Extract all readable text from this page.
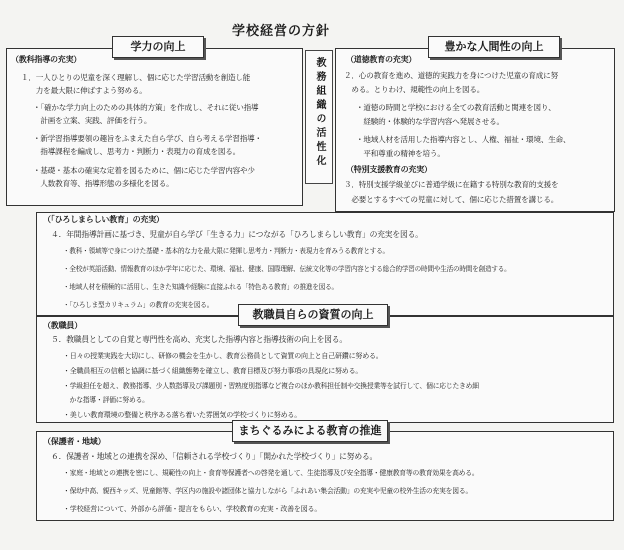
学校経営の方針
（教科指導の充実）
１．一人ひとりの児童を深く理解し、個に応じた学習活動を創造し能
　　力を最大限に伸ばすよう努める。
・「確かな学力向上のための具体的方策」を作成し、それに従い指導
　計画を立案、実践、評価を行う。
・新学習指導要領の趣旨をふまえた自ら学び、自ら考える学習指導・
　指導課程を編成し、思考力・判断力・表現力の育成を図る。
・基礎・基本の確実な定着を図るために、個に応じた学習内容や少
　人数教育等、指導形態の多様化を図る。
学力の向上
教務組織の活性化	（道徳教育の充実）
２．心の教育を進め、道徳的実践力を身につけた児童の育成に努
　める。とりわけ、規範性の向上を図る。
・道徳の時間と学校における全ての教育活動と関連を図り、
　経験的・体験的な学習内容へ発展させる。
・地域人材を活用した指導内容とし、人権、福祉・環境、生命、
　平和尊重の精神を培う。
（特別支援教育の充実）
３．特別支援学級並びに普通学級に在籍する特別な教育的支援を
　必要とするすべての児童に対して、個に応じた措置を講じる。
豊かな人間性の向上
（「ひろしまらしい教育」の充実）
４．年間指導計画に基づき、児童が自ら学び「生きる力」につながる「ひろしまらしい教育」の充実を図る。
・教科・領域等で身につけた基礎・基本的な力を最大限に発揮し思考力・判断力・表現力を育みうる教育とする。
・全校が英語活動、情報教育のほか学年に応じた、環境、福祉、健康、国際理解、伝統文化等の学習内容とする総合的学習の時間や生活の時間を創造する。
・地域人材を積極的に活用し、生きた知識や経験に直接ふれる「特色ある教育」の推進を図る。
・「ひろしま型カリキュラム」の教育の充実を図る。
（教職員）
５．教職員としての自覚と専門性を高め、充実した指導内容と指導技術の向上を図る。
・日々の授業実践を大切にし、研修の機会を生かし、教育公務員として資質の向上と自己研鑽に努める。
・全職員相互の信頼と協調に基づく組織態勢を確立し、教育目標及び努力事項の具現化に努める。
・学級担任を超え、教務指導、少人数指導及び課題別・習熟度別指導など複合のほか教科担任制や交換授業等を試行して、個に応じたきめ細
　かな指導・評価に努める。
・美しい教育環境の整備と秩序ある落ち着いた雰囲気の学校づくりに努める。
教職員自らの資質の向上
（保護者・地域）
６．保護者・地域との連携を深め、「信頼される学校づくり」「開かれた学校づくり」に努める。
・家庭・地域との連携を密にし、規範性の向上・食育等保護者への啓発を通して、生徒指導及び安全指導・健康教育等の教育効果を高める。
・保幼中高、親西キッズ、児童館等、学区内の施設や諸団体と協力しながら「ふれあい集会活動」の充実や児童の校外生活の充実を図る。
・学校経営について、外部から評価・提言をもらい、学校教育の充実・改善を図る。
まちぐるみによる教育の推進
